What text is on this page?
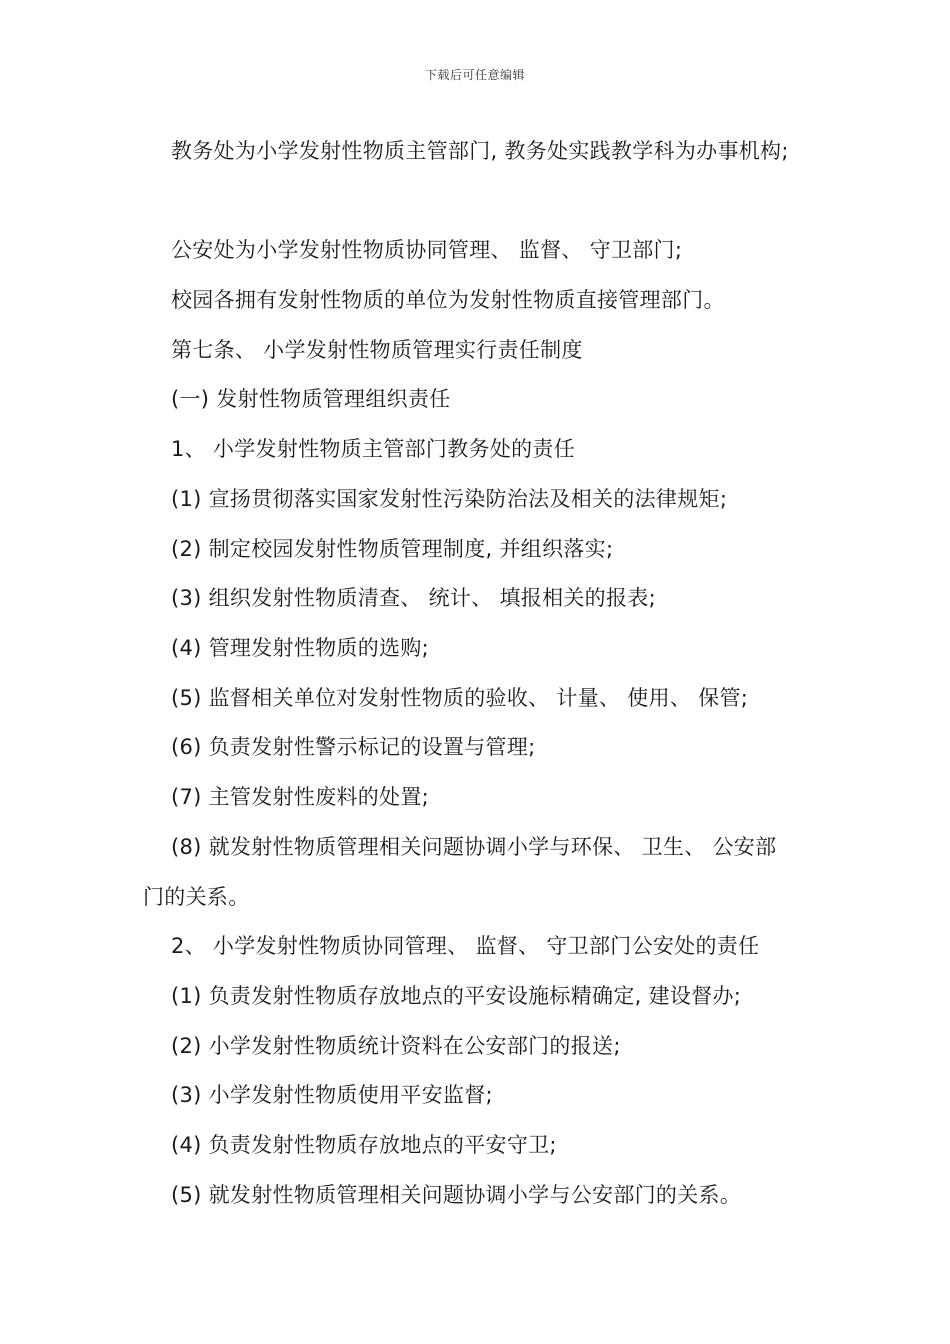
下载后可任意编辑
教务处为小学发射性物质主管部门, 教务处实践教学科为办事机构;
公安处为小学发射性物质协同管理、 监督、 守卫部门;
校园各拥有发射性物质的单位为发射性物质直接管理部门。
第七条、 小学发射性物质管理实行责任制度
(一) 发射性物质管理组织责任
1、 小学发射性物质主管部门教务处的责任
(1) 宣扬贯彻落实国家发射性污染防治法及相关的法律规矩;
(2) 制定校园发射性物质管理制度, 并组织落实;
(3) 组织发射性物质清查、 统计、 填报相关的报表;
(4) 管理发射性物质的选购;
(5) 监督相关单位对发射性物质的验收、 计量、 使用、 保管;
(6) 负责发射性警示标记的设置与管理;
(7) 主管发射性废料的处置;
(8) 就发射性物质管理相关问题协调小学与环保、 卫生、 公安部
门的关系。
2、 小学发射性物质协同管理、 监督、 守卫部门公安处的责任
(1) 负责发射性物质存放地点的平安设施标精确定, 建设督办;
(2) 小学发射性物质统计资料在公安部门的报送;
(3) 小学发射性物质使用平安监督;
(4) 负责发射性物质存放地点的平安守卫;
(5) 就发射性物质管理相关问题协调小学与公安部门的关系。
